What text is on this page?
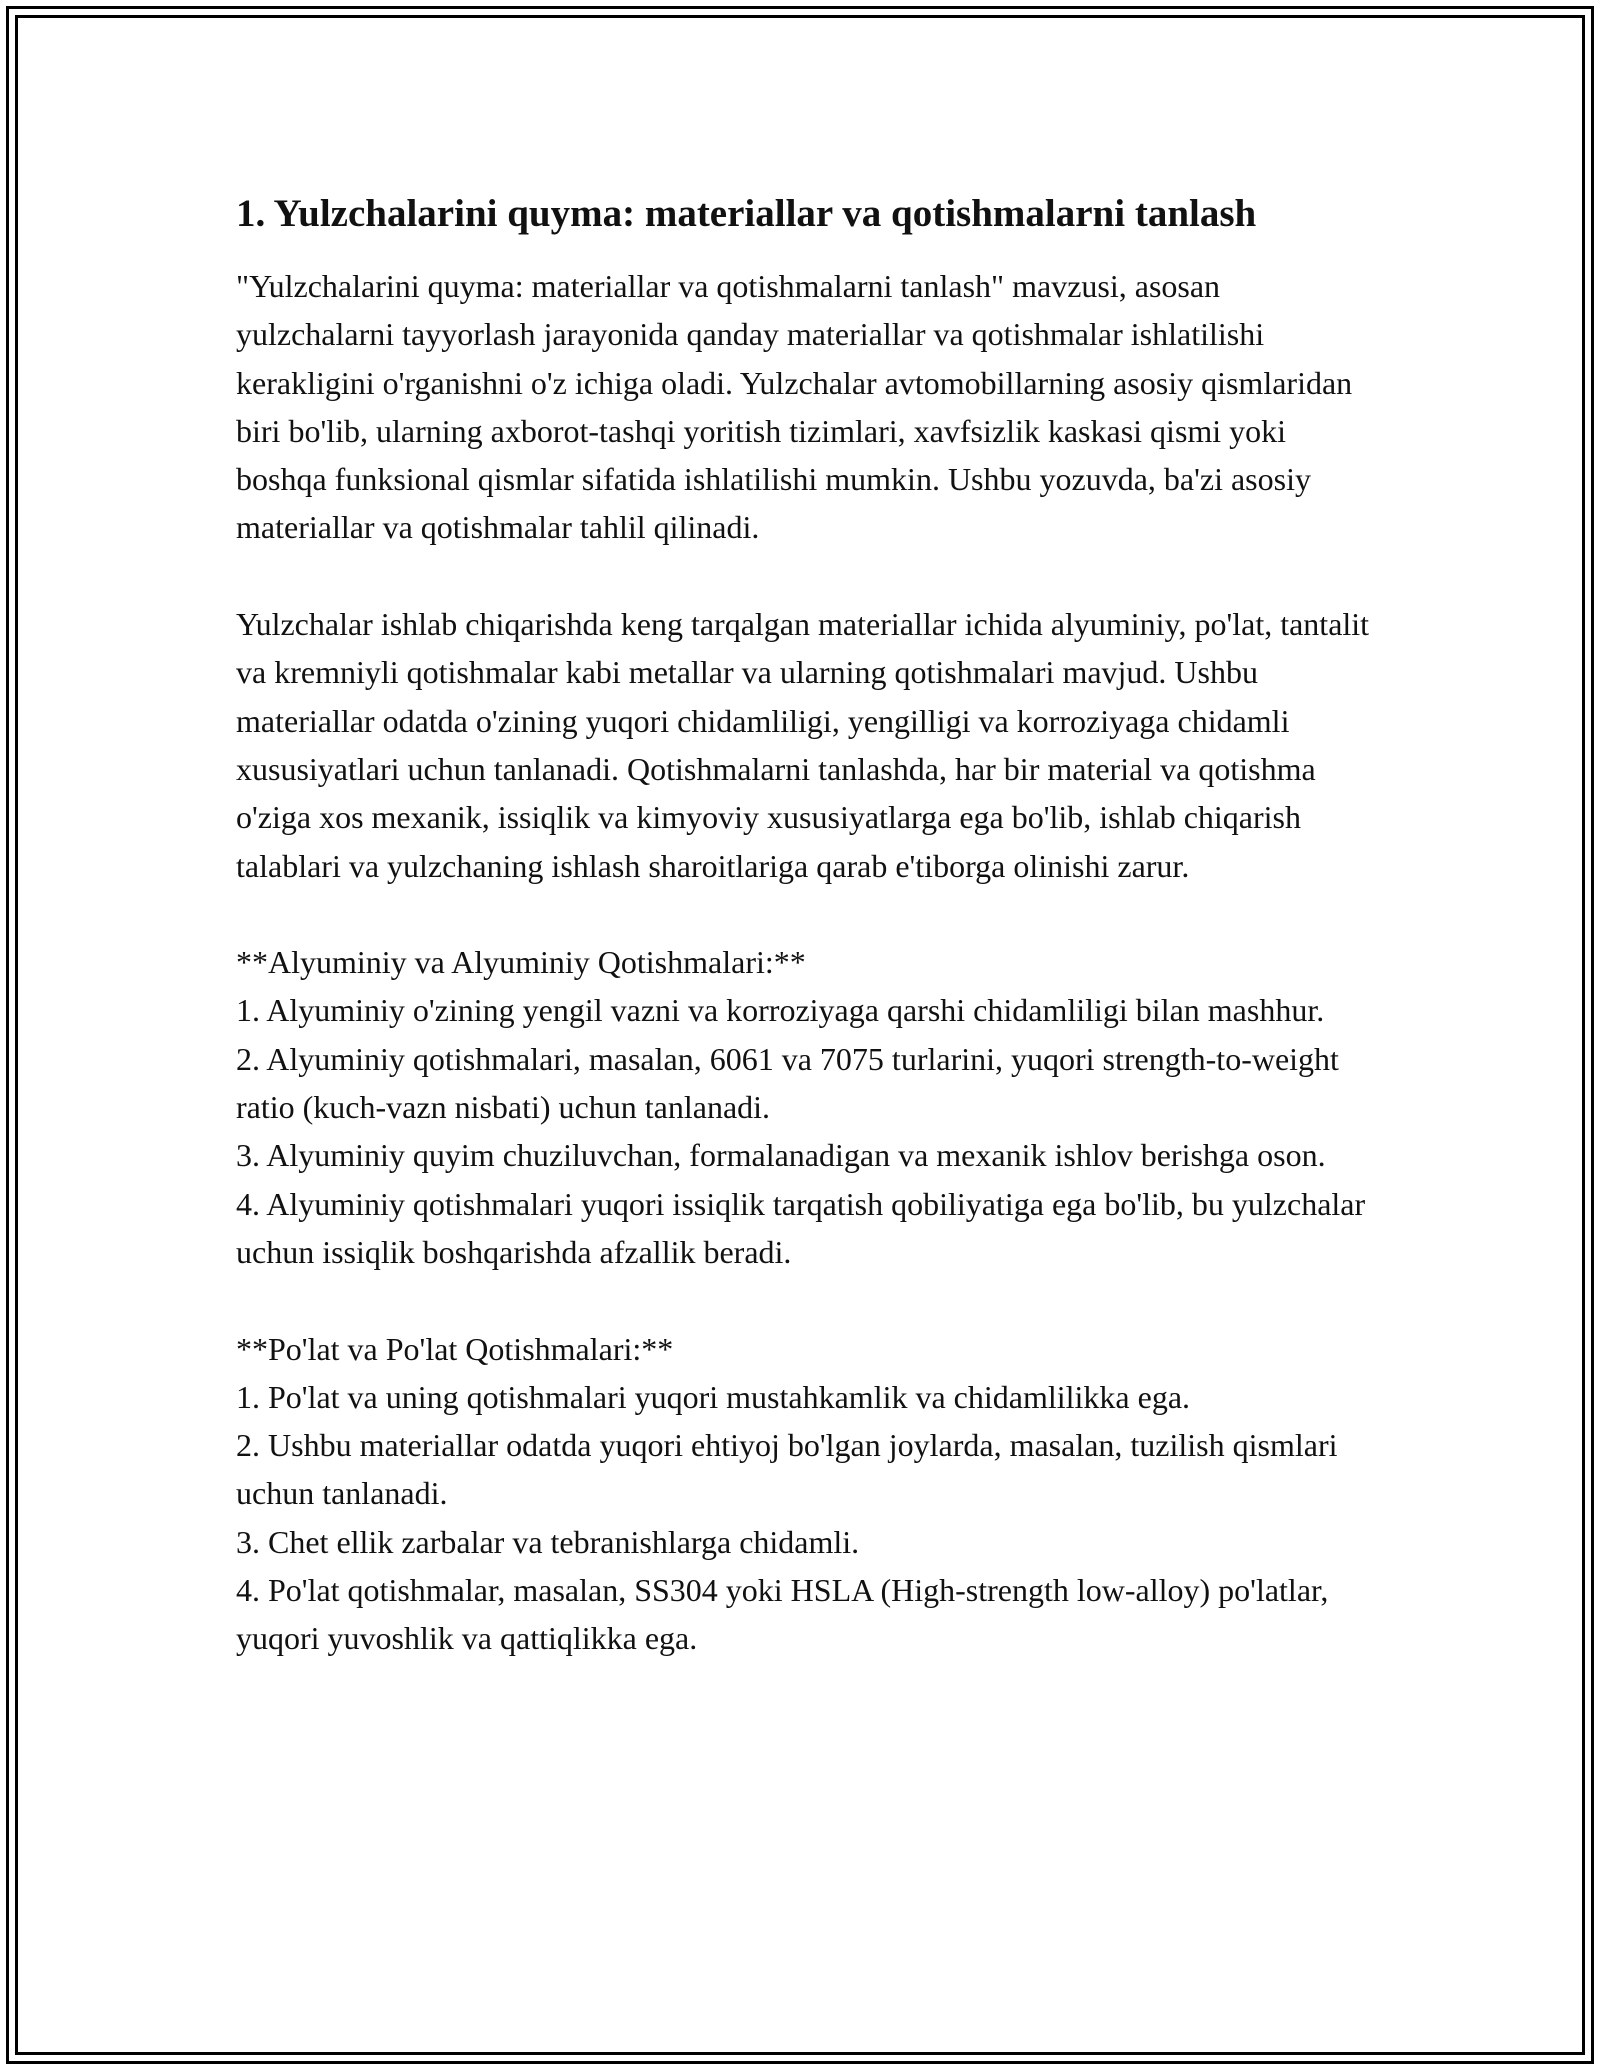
1. Yulzchalarini quyma: materiallar va qotishmalarni tanlash

"Yulzchalarini quyma: materiallar va qotishmalarni tanlash" mavzusi, asosan yulzchalarni tayyorlash jarayonida qanday materiallar va qotishmalar ishlatilishi kerakligini o'rganishni o'z ichiga oladi. Yulzchalar avtomobillarning asosiy qismlaridan biri bo'lib, ularning axborot-tashqi yoritish tizimlari, xavfsizlik kaskasi qismi yoki boshqa funksional qismlar sifatida ishlatilishi mumkin. Ushbu yozuvda, ba'zi asosiy materiallar va qotishmalar tahlil qilinadi.

Yulzchalar ishlab chiqarishda keng tarqalgan materiallar ichida alyuminiy, po'lat, tantalit va kremniyli qotishmalar kabi metallar va ularning qotishmalari mavjud. Ushbu materiallar odatda o'zining yuqori chidamliligi, yengilligi va korroziyaga chidamli xususiyatlari uchun tanlanadi. Qotishmalarni tanlashda, har bir material va qotishma o'ziga xos mexanik, issiqlik va kimyoviy xususiyatlarga ega bo'lib, ishlab chiqarish talablari va yulzchaning ishlash sharoitlariga qarab e'tiborga olinishi zarur.

**Alyuminiy va Alyuminiy Qotishmalari:**

1. Alyuminiy o'zining yengil vazni va korroziyaga qarshi chidamliligi bilan mashhur.

2. Alyuminiy qotishmalari, masalan, 6061 va 7075 turlarini, yuqori strength-to-weight ratio (kuch-vazn nisbati) uchun tanlanadi.

3. Alyuminiy quyim chuziluvchan, formalanadigan va mexanik ishlov berishga oson.

4. Alyuminiy qotishmalari yuqori issiqlik tarqatish qobiliyatiga ega bo'lib, bu yulzchalar uchun issiqlik boshqarishda afzallik beradi.

**Po'lat va Po'lat Qotishmalari:**

1. Po'lat va uning qotishmalari yuqori mustahkamlik va chidamlilikka ega.

2. Ushbu materiallar odatda yuqori ehtiyoj bo'lgan joylarda, masalan, tuzilish qismlari uchun tanlanadi.

3. Chet ellik zarbalar va tebranishlarga chidamli.

4. Po'lat qotishmalar, masalan, SS304 yoki HSLA (High-strength low-alloy) po'latlar, yuqori yuvoshlik va qattiqlikka ega.
